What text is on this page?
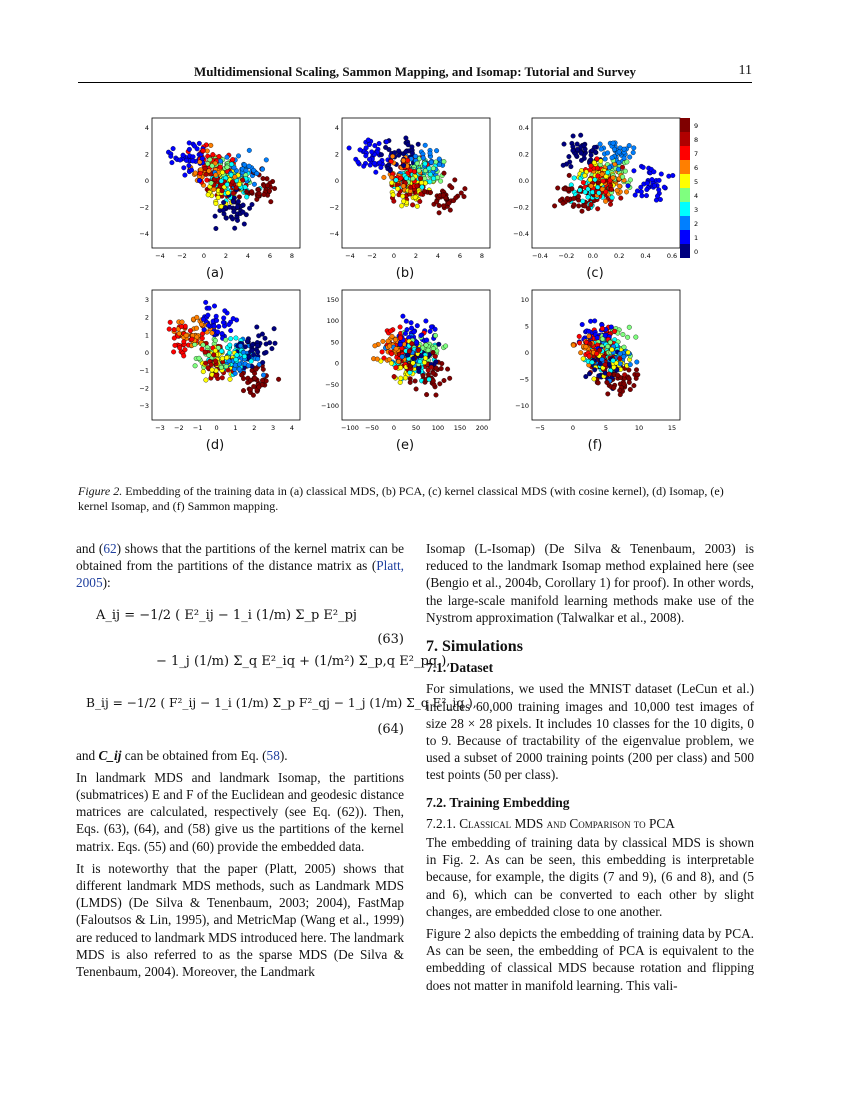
Multidimensional Scaling, Sammon Mapping, and Isomap: Tutorial and Survey	11
−4 −2 0	2	4	6	8
4
2
0
−2
−4
(a)
−4 −2 0	2	4	6	8
4
2
0
−2
−4
(b)
−0.4 −0.2 0.0 0.2 0.4 0.6
0.4
0.2
0.0
−0.2
−0.4
(c)
−3 −2 −1 0 1 2 3 4
3
2
1
0
−1
−2
−3
(d)
−100 −50 0 50 100 150 200
150
100
50
0
−50
−100
(e)
−5	0	5	10	15
10
5
0
−5
−10
(f)
9
8
7
6
5
4
3
2
1
0
Figure 2. Embedding of the training data in (a) classical MDS, (b) PCA, (c) kernel classical MDS (with cosine kernel), (d) Isomap, (e) kernel Isomap, and (f) Sammon mapping.

and (62) shows that the partitions of the kernel matrix can be obtained from the partitions of the distance matrix as (Platt, 2005):

A_ij = −1/2 ( E²_ij − 1_i (1/m) Σ_p E²_pj
(63)
− 1_j (1/m) Σ_q E²_iq + (1/m²) Σ_p,q E²_pq ),
B_ij = −1/2 ( F²_ij − 1_i (1/m) Σ_p F²_qj − 1_j (1/m) Σ_q E²_iq ),
(64)

and C_ij can be obtained from Eq. (58).

In landmark MDS and landmark Isomap, the partitions (submatrices) E and F of the Euclidean and geodesic distance matrices are calculated, respectively (see Eq. (62)). Then, Eqs. (63), (64), and (58) give us the partitions of the kernel matrix. Eqs. (55) and (60) provide the embedded data.

It is noteworthy that the paper (Platt, 2005) shows that different landmark MDS methods, such as Landmark MDS (LMDS) (De Silva & Tenenbaum, 2003; 2004), FastMap (Faloutsos & Lin, 1995), and MetricMap (Wang et al., 1999) are reduced to landmark MDS introduced here. The landmark MDS is also referred to as the sparse MDS (De Silva & Tenenbaum, 2004). Moreover, the Landmark

Isomap (L-Isomap) (De Silva & Tenenbaum, 2003) is reduced to the landmark Isomap method explained here (see (Bengio et al., 2004b, Corollary 1) for proof). In other words, the large-scale manifold learning methods make use of the Nystrom approximation (Talwalkar et al., 2008).

7. Simulations
7.1. Dataset

For simulations, we used the MNIST dataset (LeCun et al.) includes 60,000 training images and 10,000 test images of size 28 × 28 pixels. It includes 10 classes for the 10 digits, 0 to 9. Because of tractability of the eigenvalue problem, we used a subset of 2000 training points (200 per class) and 500 test points (50 per class).

7.2. Training Embedding
7.2.1. Classical MDS and Comparison to PCA

The embedding of training data by classical MDS is shown in Fig. 2. As can be seen, this embedding is interpretable because, for example, the digits (7 and 9), (6 and 8), and (5 and 6), which can be converted to each other by slight changes, are embedded close to one another.

Figure 2 also depicts the embedding of training data by PCA. As can be seen, the embedding of PCA is equivalent to the embedding of classical MDS because rotation and flipping does not matter in manifold learning. This vali-
